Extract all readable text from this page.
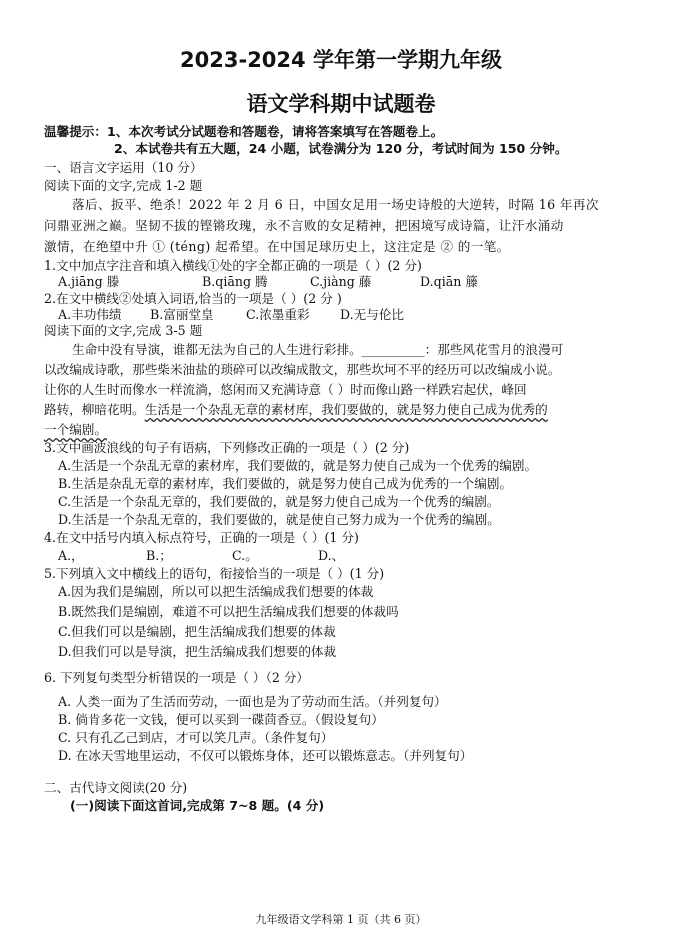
2023-2024 学年第一学期九年级
语文学科期中试题卷
温馨提示：1、本次考试分试题卷和答题卷，请将答案填写在答题卷上。
2、本试卷共有五大题，24 小题，试卷满分为 120 分，考试时间为 150 分钟。
一、语言文字运用（10 分）
阅读下面的文字,完成 1-2 题
落后、扳平、绝杀！2022 年 2 月 6 日，中国女足用一场史诗般的大逆转，时隔 16 年再次
问鼎亚洲之巅。坚韧不拔的铿锵玫瑰，永不言败的女足精神，把困境写成诗篇，让汗水涌动
激情，在绝望中升 ① (téng) 起希望。在中国足球历史上，这注定是 ② 的一笔。
1.文中加点字注音和填入横线①处的字全都正确的一项是（ ）(2 分)
A.jiāng 滕	B.qiāng 腾	C.jiàng 藤	D.qiān 籐
2.在文中横线②处填入词语,恰当的一项是（ ）(2 分 )
A.丰功伟绩 B.富丽堂皇	C.浓墨重彩 D.无与伦比
阅读下面的文字,完成 3-5 题
生命中没有导演，谁都无法为自己的人生进行彩排。__________：那些风花雪月的浪漫可
以改编成诗歌，那些柴米油盐的琐碎可以改编成散文，那些坎坷不平的经历可以改编成小说。
让你的人生时而像水一样流淌，悠闲而又充满诗意（ ）时而像山路一样跌宕起伏，峰回
路转，柳暗花明。生活是一个杂乱无章的素材库，我们要做的，就是努力使自己成为优秀的
一个编剧。
3.文中画波浪线的句子有语病，下列修改正确的一项是（ ）(2 分)
A.生活是一个杂乱无章的素材库，我们要做的，就是努力使自己成为一个优秀的编剧。
B.生活是杂乱无章的素材库，我们要做的，就是努力使自己成为优秀的一个编剧。
C.生活是一个杂乱无章的，我们要做的，就是努力使自己成为一个优秀的编剧。
D.生活是一个杂乱无章的，我们要做的，就是使自己努力成为一个优秀的编剧。
4.在文中括号内填入标点符号，正确的一项是（ ）(1 分)
A.，	B.；	C.。	D.、
5.下列填入文中横线上的语句，衔接恰当的一项是（ ）(1 分)
A.因为我们是编剧，所以可以把生活编成我们想要的体裁
B.既然我们是编剧，难道不可以把生活编成我们想要的体裁吗
C.但我们可以是编剧，把生活编成我们想要的体裁
D.但我们可以是导演，把生活编成我们想要的体裁
6. 下列复句类型分析错误的一项是（ ）（2 分）
A. 人类一面为了生活而劳动，一面也是为了劳动而生活。（并列复句）
B. 倘肯多花一文钱，便可以买到一碟茴香豆。（假设复句）
C. 只有孔乙己到店，才可以笑几声。（条件复句）
D. 在冰天雪地里运动，不仅可以锻炼身体，还可以锻炼意志。（并列复句）
二、古代诗文阅读(20 分)
(一)阅读下面这首词,完成第 7~8 题。(4 分)
九年级语文学科第 1 页（共 6 页）
